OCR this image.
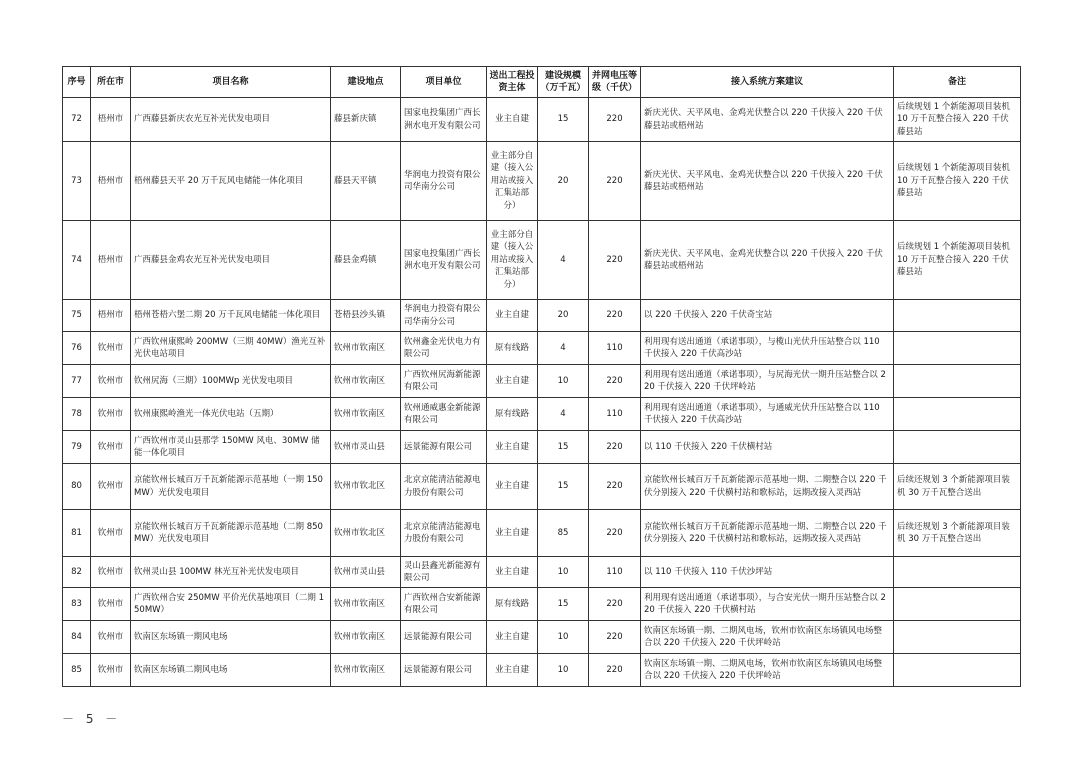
序号	所在市	项目名称	建设地点	项目单位	送出工程投资主体	建设规模（万千瓦）	并网电压等级（千伏）	接入系统方案建议	备注
72	梧州市	广西藤县新庆农光互补光伏发电项目	藤县新庆镇	国家电投集团广西长洲水电开发有限公司	业主自建	15	220	新庆光伏、天平风电、金鸡光伏整合以 220 千伏接入 220 千伏藤县站或梧州站	后续规划 1 个新能源项目装机 10 万千瓦整合接入 220 千伏藤县站
73	梧州市	梧州藤县天平 20 万千瓦风电储能一体化项目	藤县天平镇	华润电力投资有限公司华南分公司	业主部分自建（接入公用站或接入汇集站部分）	20	220	新庆光伏、天平风电、金鸡光伏整合以 220 千伏接入 220 千伏藤县站或梧州站	后续规划 1 个新能源项目装机 10 万千瓦整合接入 220 千伏藤县站
74	梧州市	广西藤县金鸡农光互补光伏发电项目	藤县金鸡镇	国家电投集团广西长洲水电开发有限公司	业主部分自建（接入公用站或接入汇集站部分）	4	220	新庆光伏、天平风电、金鸡光伏整合以 220 千伏接入 220 千伏藤县站或梧州站	后续规划 1 个新能源项目装机 10 万千瓦整合接入 220 千伏藤县站
75	梧州市	梧州苍梧六堡二期 20 万千瓦风电储能一体化项目	苍梧县沙头镇	华润电力投资有限公司华南分公司	业主自建	20	220	以 220 千伏接入 220 千伏奇宝站	
76	钦州市	广西钦州康熙岭 200MW（三期 40MW）渔光互补光伏电站项目	钦州市钦南区	钦州鑫金光伏电力有限公司	原有线路	4	110	利用现有送出通道（承诺事项），与榄山光伏升压站整合以 110 千伏接入 220 千伏高沙站	
77	钦州市	钦州尻海（三期）100MWp 光伏发电项目	钦州市钦南区	广西钦州尻海新能源有限公司	业主自建	10	220	利用现有送出通道（承诺事项），与尻海光伏一期升压站整合以 220 千伏接入 220 千伏坪岭站	
78	钦州市	钦州康熙岭渔光一体光伏电站（五期）	钦州市钦南区	钦州通威惠金新能源有限公司	原有线路	4	110	利用现有送出通道（承诺事项），与通威光伏升压站整合以 110 千伏接入 220 千伏高沙站	
79	钦州市	广西钦州市灵山县那学 150MW 风电、30MW 储能一体化项目	钦州市灵山县	远景能源有限公司	业主自建	15	220	以 110 千伏接入 220 千伏横村站	
80	钦州市	京能钦州长城百万千瓦新能源示范基地（一期 150MW）光伏发电项目	钦州市钦北区	北京京能清洁能源电力股份有限公司	业主自建	15	220	京能钦州长城百万千瓦新能源示范基地一期、二期整合以 220 千伏分别接入 220 千伏横村站和歌标站，远期改接入灵西站	后续还规划 3 个新能源项目装机 30 万千瓦整合送出
81	钦州市	京能钦州长城百万千瓦新能源示范基地（二期 850MW）光伏发电项目	钦州市钦北区	北京京能清洁能源电力股份有限公司	业主自建	85	220	京能钦州长城百万千瓦新能源示范基地一期、二期整合以 220 千伏分别接入 220 千伏横村站和歌标站，远期改接入灵西站	后续还规划 3 个新能源项目装机 30 万千瓦整合送出
82	钦州市	钦州灵山县 100MW 林光互补光伏发电项目	钦州市灵山县	灵山县鑫光新能源有限公司	业主自建	10	110	以 110 千伏接入 110 千伏沙坪站	
83	钦州市	广西钦州合安 250MW 平价光伏基地项目（二期 150MW）	钦州市钦南区	广西钦州合安新能源有限公司	原有线路	15	220	利用现有送出通道（承诺事项），与合安光伏一期升压站整合以 220 千伏接入 220 千伏横村站	
84	钦州市	钦南区东场镇一期风电场	钦州市钦南区	远景能源有限公司	业主自建	10	220	钦南区东场镇一期、二期风电场，钦州市钦南区东场镇风电场整合以 220 千伏接入 220 千伏坪岭站	
85	钦州市	钦南区东场镇二期风电场	钦州市钦南区	远景能源有限公司	业主自建	10	220	钦南区东场镇一期、二期风电场，钦州市钦南区东场镇风电场整合以 220 千伏接入 220 千伏坪岭站	
－ 5 －
